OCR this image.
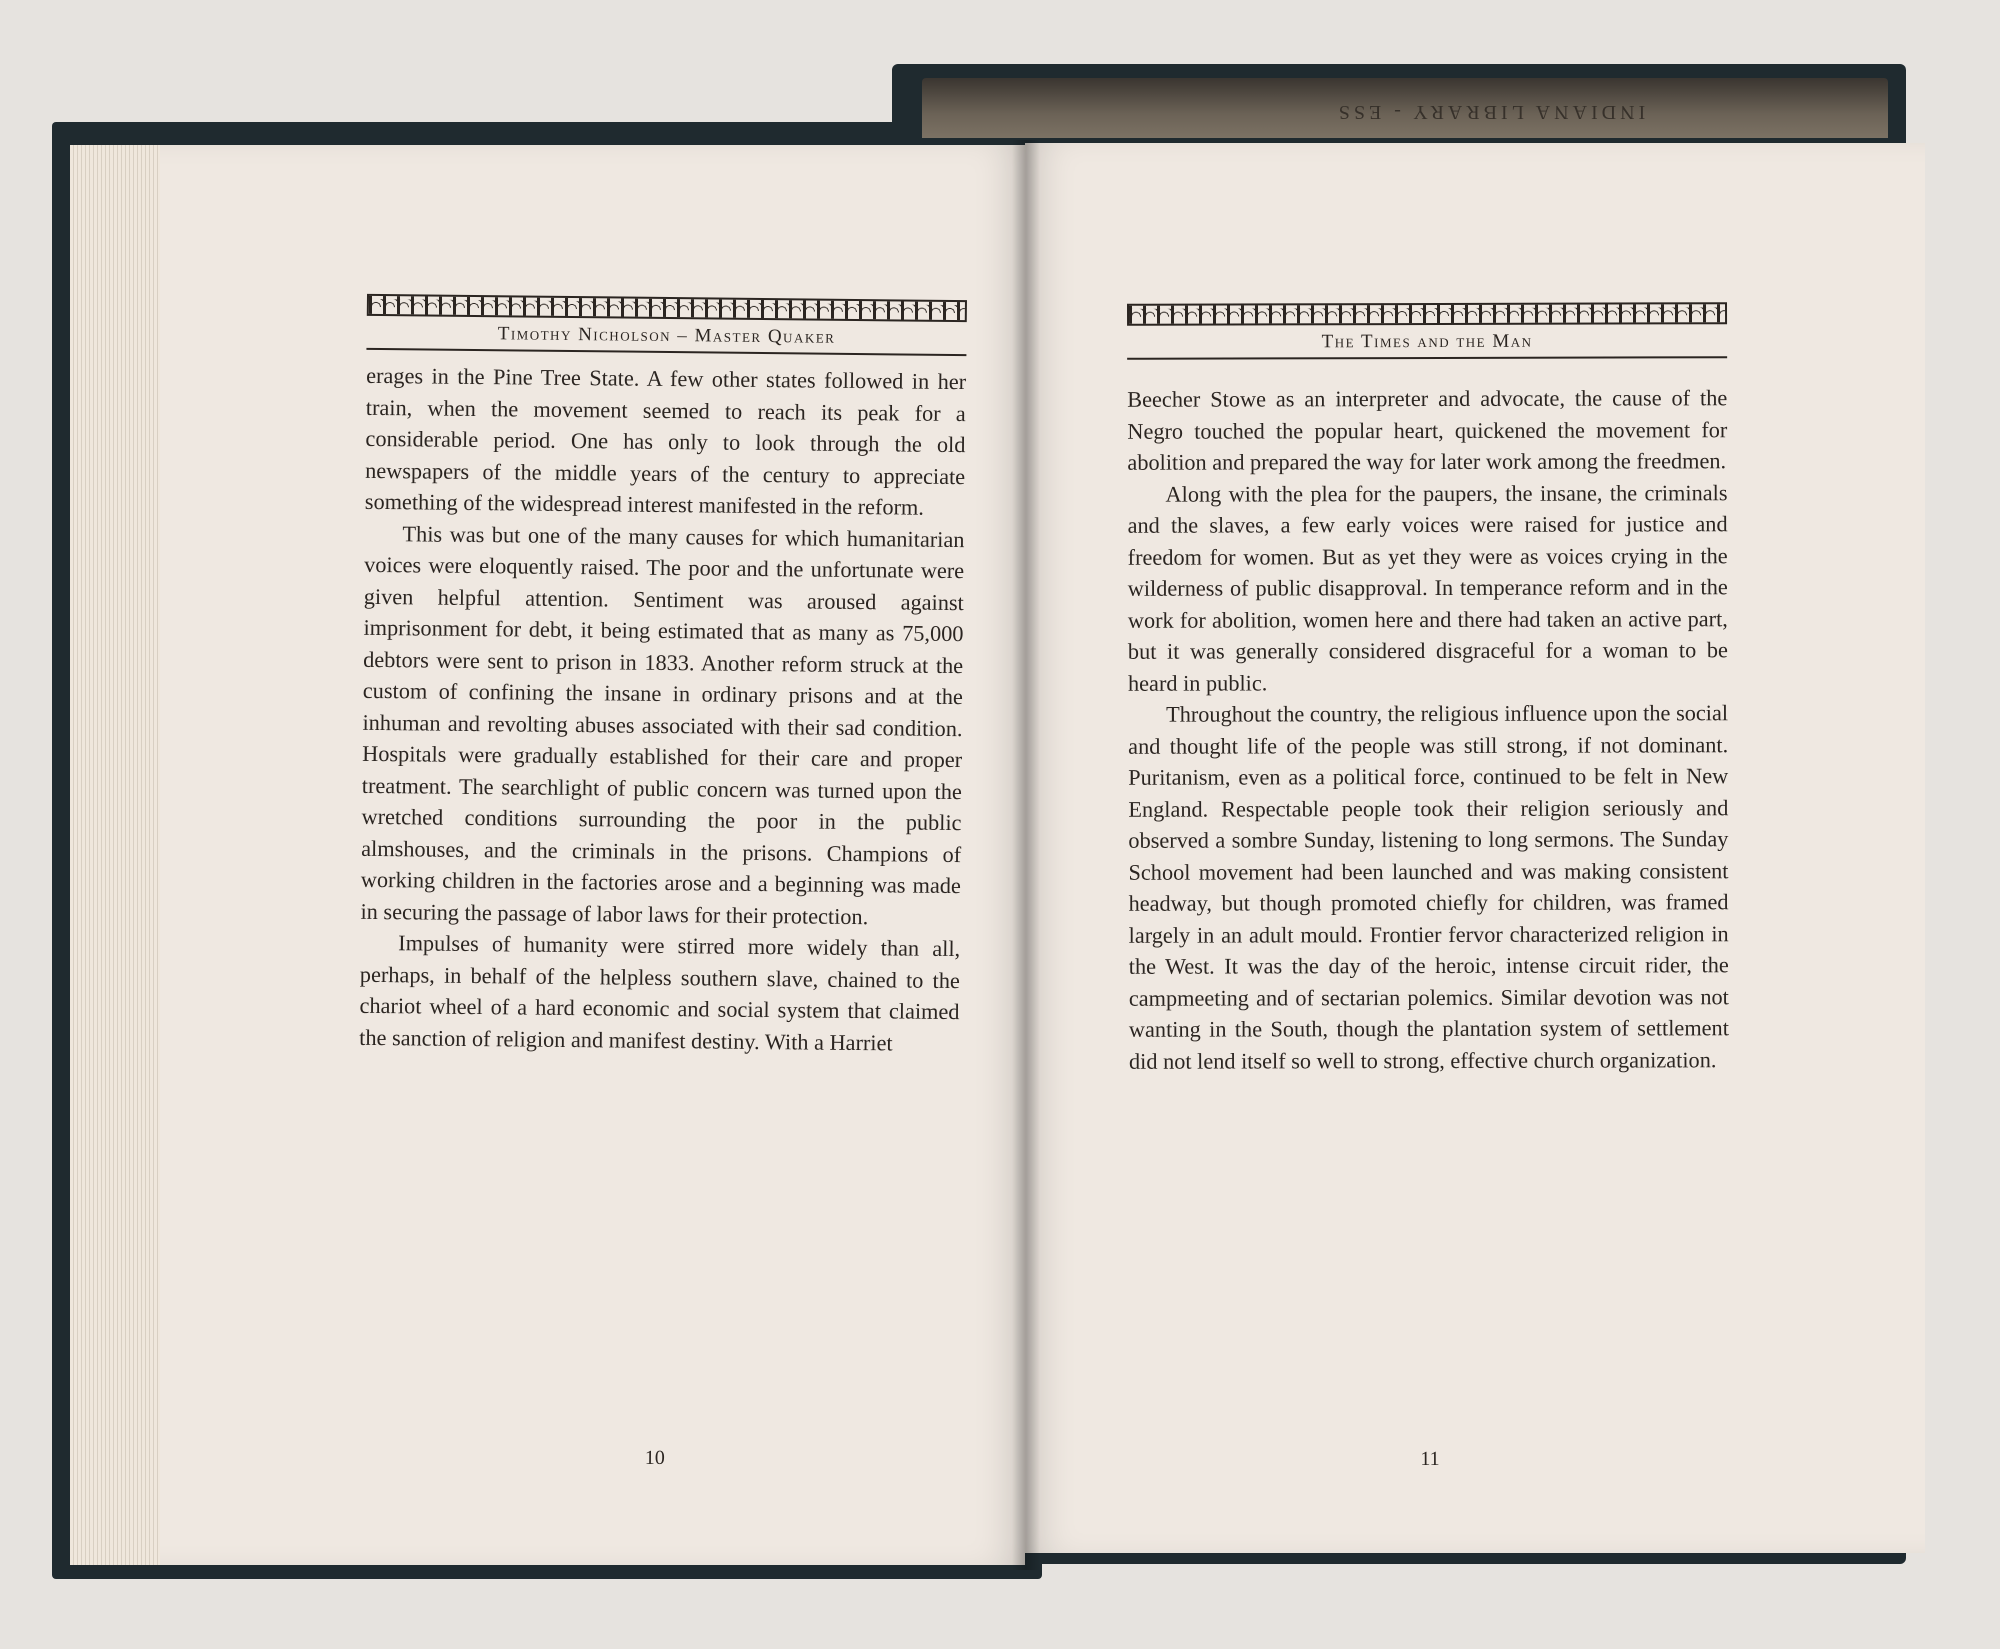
INDIANA LIBRARY - ESS
Timothy Nicholson – Master Quaker

erages in the Pine Tree State. A few other states followed in her train, when the movement seemed to reach its peak for a considerable period. One has only to look through the old newspapers of the middle years of the century to appreciate something of the widespread interest manifested in the reform.

This was but one of the many causes for which humanitarian voices were eloquently raised. The poor and the unfortunate were given helpful attention. Sentiment was aroused against imprisonment for debt, it being estimated that as many as 75,000 debtors were sent to prison in 1833. Another reform struck at the custom of confining the insane in ordinary prisons and at the inhuman and revolting abuses associated with their sad condition. Hospitals were gradually established for their care and proper treatment. The searchlight of public concern was turned upon the wretched conditions surrounding the poor in the public almshouses, and the criminals in the prisons. Champions of working children in the factories arose and a beginning was made in securing the passage of labor laws for their protection.

Impulses of humanity were stirred more widely than all, perhaps, in behalf of the helpless southern slave, chained to the chariot wheel of a hard economic and social system that claimed the sanction of religion and manifest destiny. With a Harriet

10
The Times and the Man

Beecher Stowe as an interpreter and advocate, the cause of the Negro touched the popular heart, quickened the movement for abolition and prepared the way for later work among the freedmen.

Along with the plea for the paupers, the insane, the criminals and the slaves, a few early voices were raised for justice and freedom for women. But as yet they were as voices crying in the wilderness of public disapproval. In temperance reform and in the work for abolition, women here and there had taken an active part, but it was generally considered disgraceful for a woman to be heard in public.

Throughout the country, the religious influence upon the social and thought life of the people was still strong, if not dominant. Puritanism, even as a political force, continued to be felt in New England. Respectable people took their religion seriously and observed a sombre Sunday, listening to long sermons. The Sunday School movement had been launched and was making consistent headway, but though promoted chiefly for children, was framed largely in an adult mould. Frontier fervor characterized religion in the West. It was the day of the heroic, intense circuit rider, the campmeeting and of sectarian polemics. Similar devotion was not wanting in the South, though the plantation system of settlement did not lend itself so well to strong, effective church organization.

11
